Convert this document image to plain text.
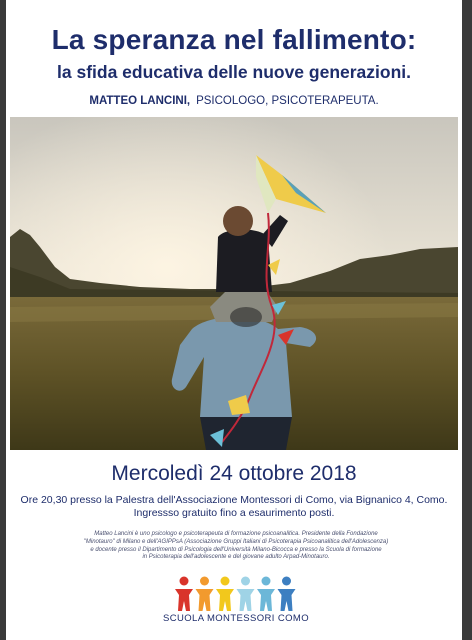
La speranza nel fallimento:
la sfida educativa delle nuove generazioni.
MATTEO LANCINI, PSICOLOGO, PSICOTERAPEUTA.
Mercoledì 24 ottobre 2018
Ore 20,30 presso la Palestra dell'Associazione Montessori di Como, via Bignanico 4, Como.
Ingressso gratuito fino a esaurimento posti.
Matteo Lancini è uno psicologo e psicoterapeuta di formazione psicoanalitica. Presidente della Fondazione
"Minotauro" di Milano e dell'AGIPPsA (Associazione Gruppi Italiani di Psicoterapia Psicoanalitica dell'Adolescenza)
e docente presso il Dipartimento di Psicologia dell'Università Milano-Bicocca e presso la Scuola di formazione
in Psicoterapia dell'adolescente e del giovane adulto Arpad-Minotauro.
SCUOLA MONTESSORI COMO
